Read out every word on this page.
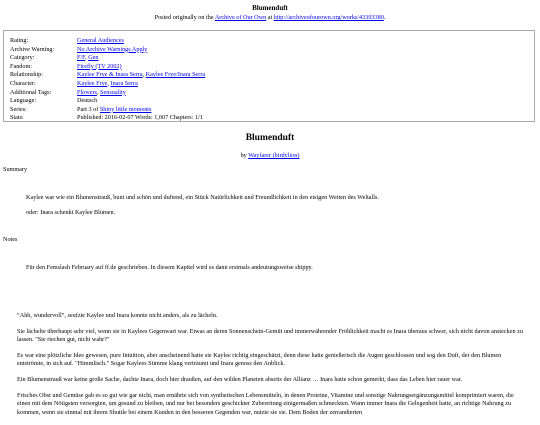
Blumenduft
Posted originally on the Archive of Our Own at http://archiveofourown.org/works/43393380.
Rating:	General Audiences
Archive Warning:	No Archive Warnings Apply
Category:	F/F, Gen
Fandom:	Firefly (TV 2002)
Relationship:	Kaylee Frye & Inara Serra, Kaylee Frye/Inara Serra
Character:	Kaylee Frye, Inara Serra
Additional Tags:	Flowers, Sensuality
Language:	Deutsch
Series:	Part 3 of Shiny little moments
Stats:	Published: 2016-02-07 Words: 1,007 Chapters: 1/1
Blumenduft
by Wayfarer (birdylion)
Summary
Kaylee war wie ein Blumenstrauß, bunt und schön und duftend, ein Stück Natürlichkeit und Freundlichkeit in den eisigen Weiten des Weltalls.
oder: Inara schenkt Kaylee Blumen.
Notes
Für den Femslash February auf ff.de geschrieben. In diesem Kapitel wird es dann erstmals andeutungsweise shippy.

“Ahh, wundervoll”, seufzte Kaylee und Inara konnte nicht anders, als zu lächeln.

Sie lächelte überhaupt sehr viel, wenn sie in Kaylees Gegenwart war. Etwas an deren Sonnenschein-Gemüt und immerwährender Fröhlichkeit macht es Inara überaus schwer, sich nicht davon anstecken zu lassen. "Sie riechen gut, nicht wahr?"

Es war eine plötzliche Idee gewesen, pure Intuition, aber anscheinend hatte sie Kaylee richtig eingeschätzt, denn diese hatte genießerisch die Augen geschlossen und sog den Duft, der den Blumen entströmte, in sich auf. "Himmlisch." Sogar Kaylees Stimme klang verträumt und Inara genoss den Anblick.

Ein Blumenstrauß war keine große Sache, dachte Inara, doch hier draußen, auf den wilden Planeten abseits der Allianz … Inara hatte schon gemerkt, dass das Leben hier rauer war.

Frisches Obst und Gemüse gab es so gut wie gar nicht, man ernährte sich von synthetischen Lebensmitteln, in denen Proteine, Vitamine und sonstige Nahrungsergänzungsmittel komprimiert waren, die einen mit dem Nötigsten versorgten, um gesund zu bleiben, und nur bei besonders geschickter Zubereitung einigermaßen schmeckten. Wann immer Inara die Gelegenheit hatte, an richtige Nahrung zu kommen, wenn sie einmal mit ihrem Shuttle bei einem Kunden in den besseren Gegenden war, nutzte sie sie. Dem Boden der zerrandierten
